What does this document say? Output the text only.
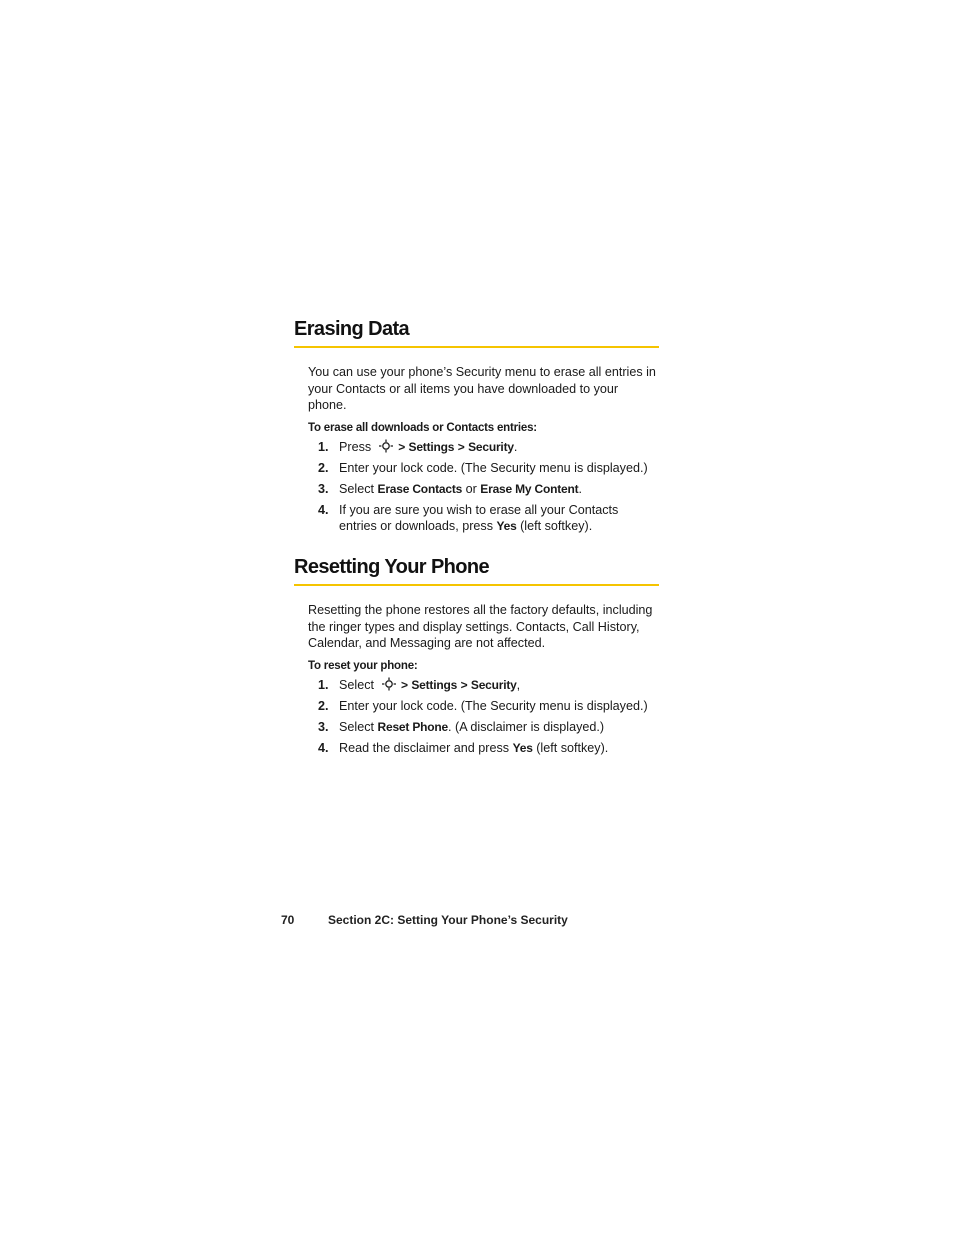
Erasing Data

You can use your phone’s Security menu to erase all entries in your Contacts or all items you have downloaded to your phone.

To erase all downloads or Contacts entries:
1. Press > Settings > Security.
2. Enter your lock code. (The Security menu is displayed.)
3. Select Erase Contacts or Erase My Content.
4. If you are sure you wish to erase all your Contacts entries or downloads, press Yes (left softkey).
Resetting Your Phone

Resetting the phone restores all the factory defaults, including the ringer types and display settings. Contacts, Call History, Calendar, and Messaging are not affected.

To reset your phone:
1. Select > Settings > Security,
2. Enter your lock code. (The Security menu is displayed.)
3. Select Reset Phone. (A disclaimer is displayed.)
4. Read the disclaimer and press Yes (left softkey).
70	Section 2C: Setting Your Phone’s Security
